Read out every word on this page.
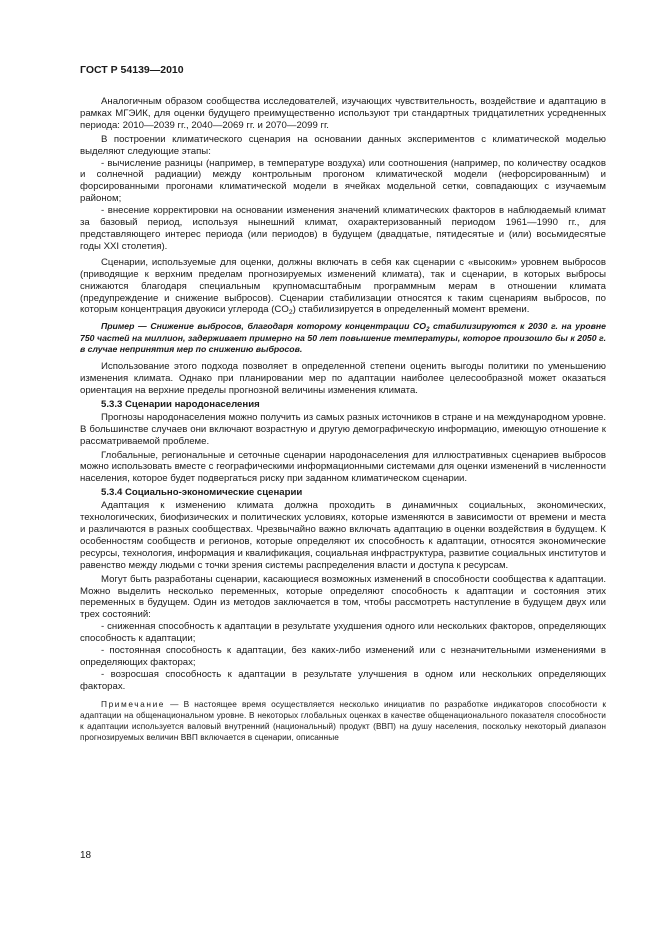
ГОСТ Р 54139—2010

Аналогичным образом сообщества исследователей, изучающих чувствительность, воздействие и адаптацию в рамках МГЭИК, для оценки будущего преимущественно используют три стандартных тридцатилетних усредненных периода: 2010—2039 гг., 2040—2069 гг. и 2070—2099 гг.

В построении климатического сценария на основании данных экспериментов с климатической моделью выделяют следующие этапы:

- вычисление разницы (например, в температуре воздуха) или соотношения (например, по количеству осадков и солнечной радиации) между контрольным прогоном климатической модели (нефорсированным) и форсированными прогонами климатической модели в ячейках модельной сетки, совпадающих с изучаемым районом;

- внесение корректировки на основании изменения значений климатических факторов в наблюдаемый климат за базовый период, используя нынешний климат, охарактеризованный периодом 1961—1990 гг., для представляющего интерес периода (или периодов) в будущем (двадцатые, пятидесятые и (или) восьмидесятые годы XXI столетия).

Сценарии, используемые для оценки, должны включать в себя как сценарии с «высоким» уровнем выбросов (приводящие к верхним пределам прогнозируемых изменений климата), так и сценарии, в которых выбросы снижаются благодаря специальным крупномасштабным программным мерам в отношении климата (предупреждение и снижение выбросов). Сценарии стабилизации относятся к таким сценариям выбросов, по которым концентрация двуокиси углерода $(CO_2)$ стабилизируется в определенный момент времени.

Пример — Снижение выбросов, благодаря которому концентрации $CO_2$ стабилизируются к 2030 г. на уровне 750 частей на миллион, задерживает примерно на 50 лет повышение температуры, которое произошло бы к 2050 г. в случае непринятия мер по снижению выбросов.

Использование этого подхода позволяет в определенной степени оценить выгоды политики по уменьшению изменения климата. Однако при планировании мер по адаптации наиболее целесообразной может оказаться ориентация на верхние пределы прогнозной величины изменения климата.

5.3.3 Сценарии народонаселения

Прогнозы народонаселения можно получить из самых разных источников в стране и на международном уровне. В большинстве случаев они включают возрастную и другую демографическую информацию, имеющую отношение к рассматриваемой проблеме.

Глобальные, региональные и сеточные сценарии народонаселения для иллюстративных сценариев выбросов можно использовать вместе с географическими информационными системами для оценки изменений в численности населения, которое будет подвергаться риску при заданном климатическом сценарии.

5.3.4 Социально-экономические сценарии

Адаптация к изменению климата должна проходить в динамичных социальных, экономических, технологических, биофизических и политических условиях, которые изменяются в зависимости от времени и места и различаются в разных сообществах. Чрезвычайно важно включать адаптацию в оценки воздействия в будущем. К особенностям сообществ и регионов, которые определяют их способность к адаптации, относятся экономические ресурсы, технология, информация и квалификация, социальная инфраструктура, развитие социальных институтов и равенство между людьми с точки зрения системы распределения власти и доступа к ресурсам.

Могут быть разработаны сценарии, касающиеся возможных изменений в способности сообщества к адаптации. Можно выделить несколько переменных, которые определяют способность к адаптации и состояния этих переменных в будущем. Один из методов заключается в том, чтобы рассмотреть наступление в будущем двух или трех состояний:

- сниженная способность к адаптации в результате ухудшения одного или нескольких факторов, определяющих способность к адаптации;

- постоянная способность к адаптации, без каких-либо изменений или с незначительными изменениями в определяющих факторах;

- возросшая способность к адаптации в результате улучшения в одном или нескольких определяющих факторах.

Примечание — В настоящее время осуществляется несколько инициатив по разработке индикаторов способности к адаптации на общенациональном уровне. В некоторых глобальных оценках в качестве общенационального показателя способности к адаптации используется валовый внутренний (национальный) продукт (ВВП) на душу населения, поскольку некоторый диапазон прогнозируемых величин ВВП включается в сценарии, описанные
18
